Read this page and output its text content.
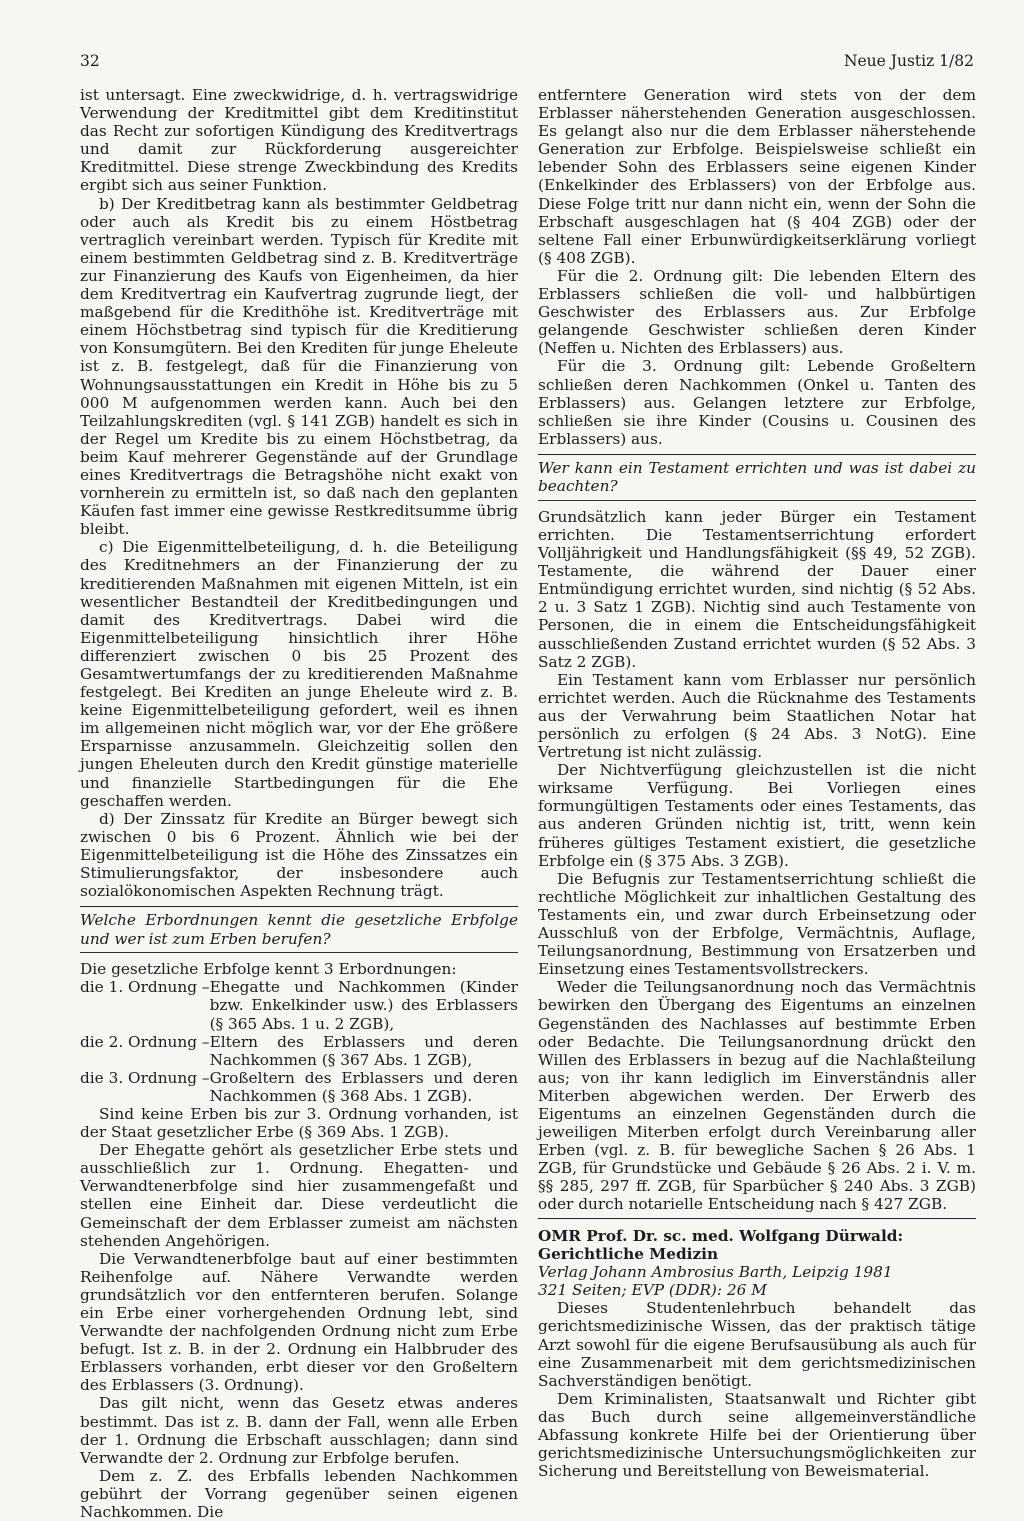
32	Neue Justiz 1/82

ist untersagt. Eine zweckwidrige, d. h. vertragswidrige Verwendung der Kreditmittel gibt dem Kreditinstitut das Recht zur sofortigen Kündigung des Kreditvertrags und damit zur Rückforderung ausgereichter Kreditmittel. Diese strenge Zweckbindung des Kredits ergibt sich aus seiner Funktion.

b) Der Kreditbetrag kann als bestimmter Geldbetrag oder auch als Kredit bis zu einem Höstbetrag vertraglich vereinbart werden. Typisch für Kredite mit einem bestimmten Geldbetrag sind z. B. Kreditverträge zur Finanzierung des Kaufs von Eigenheimen, da hier dem Kreditvertrag ein Kaufvertrag zugrunde liegt, der maßgebend für die Kredithöhe ist. Kreditverträge mit einem Höchstbetrag sind typisch für die Kreditierung von Konsumgütern. Bei den Krediten für junge Eheleute ist z. B. festgelegt, daß für die Finanzierung von Wohnungsausstattungen ein Kredit in Höhe bis zu 5 000 M aufgenommen werden kann. Auch bei den Teilzahlungskrediten (vgl. § 141 ZGB) handelt es sich in der Regel um Kredite bis zu einem Höchstbetrag, da beim Kauf mehrerer Gegenstände auf der Grundlage eines Kreditvertrags die Betragshöhe nicht exakt von vornherein zu ermitteln ist, so daß nach den geplanten Käufen fast immer eine gewisse Restkreditsumme übrig bleibt.

c) Die Eigenmittelbeteiligung, d. h. die Beteiligung des Kreditnehmers an der Finanzierung der zu kreditierenden Maßnahmen mit eigenen Mitteln, ist ein wesentlicher Bestandteil der Kreditbedingungen und damit des Kreditvertrags. Dabei wird die Eigenmittelbeteiligung hinsichtlich ihrer Höhe differenziert zwischen 0 bis 25 Prozent des Gesamtwertumfangs der zu kreditierenden Maßnahme festgelegt. Bei Krediten an junge Eheleute wird z. B. keine Eigenmittelbeteiligung gefordert, weil es ihnen im allgemeinen nicht möglich war, vor der Ehe größere Ersparnisse anzusammeln. Gleichzeitig sollen den jungen Eheleuten durch den Kredit günstige materielle und finanzielle Startbedingungen für die Ehe geschaffen werden.

d) Der Zinssatz für Kredite an Bürger bewegt sich zwischen 0 bis 6 Prozent. Ähnlich wie bei der Eigenmittelbeteiligung ist die Höhe des Zinssatzes ein Stimulierungsfaktor, der insbesondere auch sozialökonomischen Aspekten Rechnung trägt.

Welche Erbordnungen kennt die gesetzliche Erbfolge und wer ist zum Erben berufen?

Die gesetzliche Erbfolge kennt 3 Erbordnungen:

die 1. Ordnung – Ehegatte und Nachkommen (Kinder bzw. Enkelkinder usw.) des Erblassers (§ 365 Abs. 1 u. 2 ZGB),
die 2. Ordnung – Eltern des Erblassers und deren Nachkommen (§ 367 Abs. 1 ZGB),
die 3. Ordnung – Großeltern des Erblassers und deren Nachkommen (§ 368 Abs. 1 ZGB).

Sind keine Erben bis zur 3. Ordnung vorhanden, ist der Staat gesetzlicher Erbe (§ 369 Abs. 1 ZGB).

Der Ehegatte gehört als gesetzlicher Erbe stets und ausschließlich zur 1. Ordnung. Ehegatten- und Verwandtenerbfolge sind hier zusammengefaßt und stellen eine Einheit dar. Diese verdeutlicht die Gemeinschaft der dem Erblasser zumeist am nächsten stehenden Angehörigen.

Die Verwandtenerbfolge baut auf einer bestimmten Reihenfolge auf. Nähere Verwandte werden grundsätzlich vor den entfernteren berufen. Solange ein Erbe einer vorhergehenden Ordnung lebt, sind Verwandte der nachfolgenden Ordnung nicht zum Erbe befugt. Ist z. B. in der 2. Ordnung ein Halbbruder des Erblassers vorhanden, erbt dieser vor den Großeltern des Erblassers (3. Ordnung).

Das gilt nicht, wenn das Gesetz etwas anderes bestimmt. Das ist z. B. dann der Fall, wenn alle Erben der 1. Ordnung die Erbschaft ausschlagen; dann sind Verwandte der 2. Ordnung zur Erbfolge berufen.

Dem z. Z. des Erbfalls lebenden Nachkommen gebührt der Vorrang gegenüber seinen eigenen Nachkommen. Die

entferntere Generation wird stets von der dem Erblasser näherstehenden Generation ausgeschlossen. Es gelangt also nur die dem Erblasser näherstehende Generation zur Erbfolge. Beispielsweise schließt ein lebender Sohn des Erblassers seine eigenen Kinder (Enkelkinder des Erblassers) von der Erbfolge aus. Diese Folge tritt nur dann nicht ein, wenn der Sohn die Erbschaft ausgeschlagen hat (§ 404 ZGB) oder der seltene Fall einer Erbunwürdigkeitserklärung vorliegt (§ 408 ZGB).

Für die 2. Ordnung gilt: Die lebenden Eltern des Erblassers schließen die voll- und halbbürtigen Geschwister des Erblassers aus. Zur Erbfolge gelangende Geschwister schließen deren Kinder (Neffen u. Nichten des Erblassers) aus.

Für die 3. Ordnung gilt: Lebende Großeltern schließen deren Nachkommen (Onkel u. Tanten des Erblassers) aus. Gelangen letztere zur Erbfolge, schließen sie ihre Kinder (Cousins u. Cousinen des Erblassers) aus.

Wer kann ein Testament errichten und was ist dabei zu beachten?

Grundsätzlich kann jeder Bürger ein Testament errichten. Die Testamentserrichtung erfordert Volljährigkeit und Handlungsfähigkeit (§§ 49, 52 ZGB). Testamente, die während der Dauer einer Entmündigung errichtet wurden, sind nichtig (§ 52 Abs. 2 u. 3 Satz 1 ZGB). Nichtig sind auch Testamente von Personen, die in einem die Entscheidungsfähigkeit ausschließenden Zustand errichtet wurden (§ 52 Abs. 3 Satz 2 ZGB).

Ein Testament kann vom Erblasser nur persönlich errichtet werden. Auch die Rücknahme des Testaments aus der Verwahrung beim Staatlichen Notar hat persönlich zu erfolgen (§ 24 Abs. 3 NotG). Eine Vertretung ist nicht zulässig.

Der Nichtverfügung gleichzustellen ist die nicht wirksame Verfügung. Bei Vorliegen eines formungültigen Testaments oder eines Testaments, das aus anderen Gründen nichtig ist, tritt, wenn kein früheres gültiges Testament existiert, die gesetzliche Erbfolge ein (§ 375 Abs. 3 ZGB).

Die Befugnis zur Testamentserrichtung schließt die rechtliche Möglichkeit zur inhaltlichen Gestaltung des Testaments ein, und zwar durch Erbeinsetzung oder Ausschluß von der Erbfolge, Vermächtnis, Auflage, Teilungsanordnung, Bestimmung von Ersatzerben und Einsetzung eines Testamentsvollstreckers.

Weder die Teilungsanordnung noch das Vermächtnis bewirken den Übergang des Eigentums an einzelnen Gegenständen des Nachlasses auf bestimmte Erben oder Bedachte. Die Teilungsanordnung drückt den Willen des Erblassers in bezug auf die Nachlaßteilung aus; von ihr kann lediglich im Einverständnis aller Miterben abgewichen werden. Der Erwerb des Eigentums an einzelnen Gegenständen durch die jeweiligen Miterben erfolgt durch Vereinbarung aller Erben (vgl. z. B. für bewegliche Sachen § 26 Abs. 1 ZGB, für Grundstücke und Gebäude § 26 Abs. 2 i. V. m. §§ 285, 297 ff. ZGB, für Sparbücher § 240 Abs. 3 ZGB) oder durch notarielle Entscheidung nach § 427 ZGB.

OMR Prof. Dr. sc. med. Wolfgang Dürwald: Gerichtliche Medizin

Verlag Johann Ambrosius Barth, Leipzig 1981
321 Seiten; EVP (DDR): 26 M

Dieses Studentenlehrbuch behandelt das gerichtsmedizinische Wissen, das der praktisch tätige Arzt sowohl für die eigene Berufsausübung als auch für eine Zusammenarbeit mit dem gerichtsmedizinischen Sachverständigen benötigt.

Dem Kriminalisten, Staatsanwalt und Richter gibt das Buch durch seine allgemeinverständliche Abfassung konkrete Hilfe bei der Orientierung über gerichtsmedizinische Untersuchungsmöglichkeiten zur Sicherung und Bereitstellung von Beweismaterial.
